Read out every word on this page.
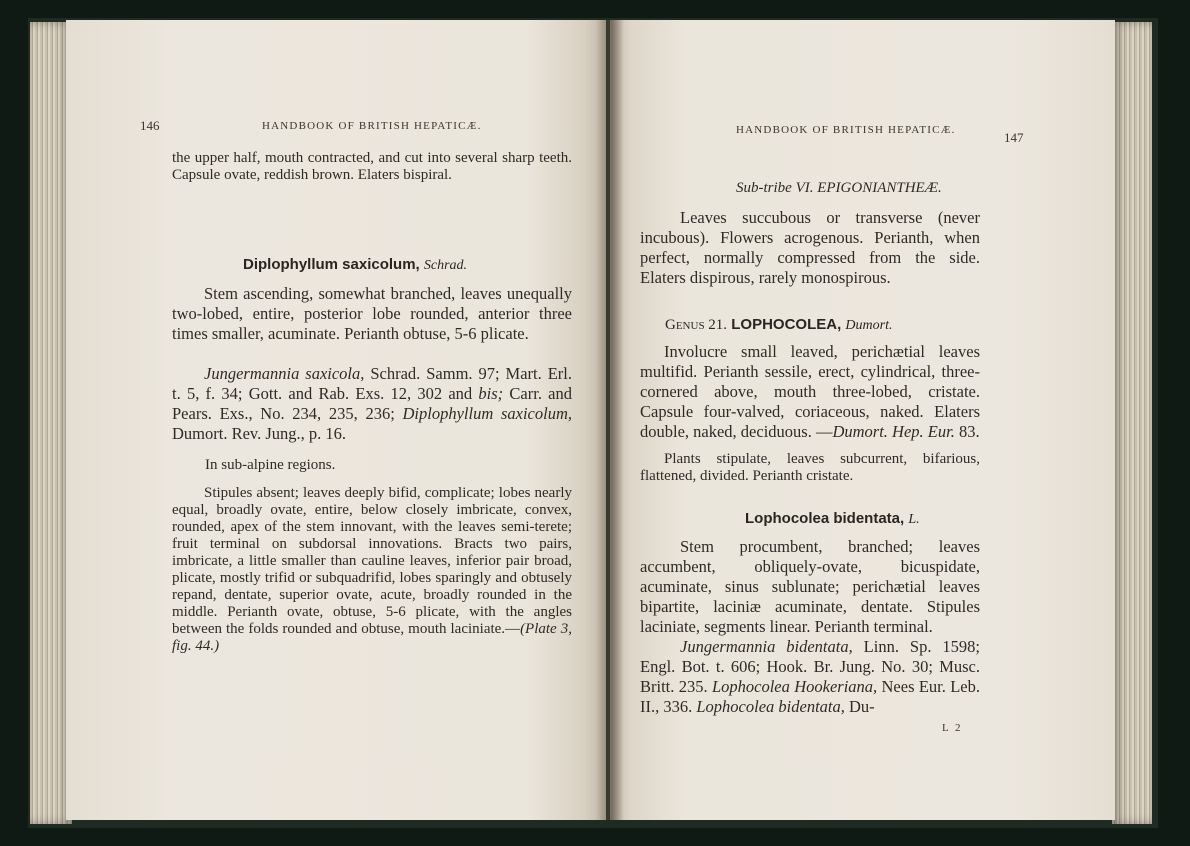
146	HANDBOOK OF BRITISH HEPATICÆ.

the upper half, mouth contracted, and cut into several sharp teeth. Capsule ovate, reddish brown. Elaters bispiral.

Diplophyllum saxicolum, Schrad.

Stem ascending, somewhat branched, leaves unequally two-lobed, entire, posterior lobe rounded, anterior three times smaller, acuminate. Perianth obtuse, 5-6 plicate.

Jungermannia saxicola, Schrad. Samm. 97; Mart. Erl. t. 5, f. 34; Gott. and Rab. Exs. 12, 302 and bis; Carr. and Pears. Exs., No. 234, 235, 236; Diplophyllum saxicolum, Dumort. Rev. Jung., p. 16.

In sub-alpine regions.

Stipules absent; leaves deeply bifid, complicate; lobes nearly equal, broadly ovate, entire, below closely imbricate, convex, rounded, apex of the stem innovant, with the leaves semi-terete; fruit terminal on subdorsal innovations. Bracts two pairs, imbricate, a little smaller than cauline leaves, inferior pair broad, plicate, mostly trifid or subquadrifid, lobes sparingly and obtusely repand, dentate, superior ovate, acute, broadly rounded in the middle. Perianth ovate, obtuse, 5-6 plicate, with the angles between the folds rounded and obtuse, mouth laciniate.—(Plate 3, fig. 44.)

HANDBOOK OF BRITISH HEPATICÆ.	147
Sub-tribe VI. EPIGONIANTHEÆ.

Leaves succubous or transverse (never incubous). Flowers acrogenous. Perianth, when perfect, normally compressed from the side. Elaters dispirous, rarely monospirous.

Genus 21. LOPHOCOLEA, Dumort.

Involucre small leaved, perichætial leaves multifid. Perianth sessile, erect, cylindrical, three-cornered above, mouth three-lobed, cristate. Capsule four-valved, coriaceous, naked. Elaters double, naked, deciduous. —Dumort. Hep. Eur. 83.

Plants stipulate, leaves subcurrent, bifarious, flattened, divided. Perianth cristate.

Lophocolea bidentata, L.

Stem procumbent, branched; leaves accumbent, obliquely-ovate, bicuspidate, acuminate, sinus sublunate; perichætial leaves bipartite, laciniæ acuminate, dentate. Stipules laciniate, segments linear. Perianth terminal.

Jungermannia bidentata, Linn. Sp. 1598; Engl. Bot. t. 606; Hook. Br. Jung. No. 30; Musc. Britt. 235. Lophocolea Hookeriana, Nees Eur. Leb. II., 336. Lophocolea bidentata, Du-

L 2
